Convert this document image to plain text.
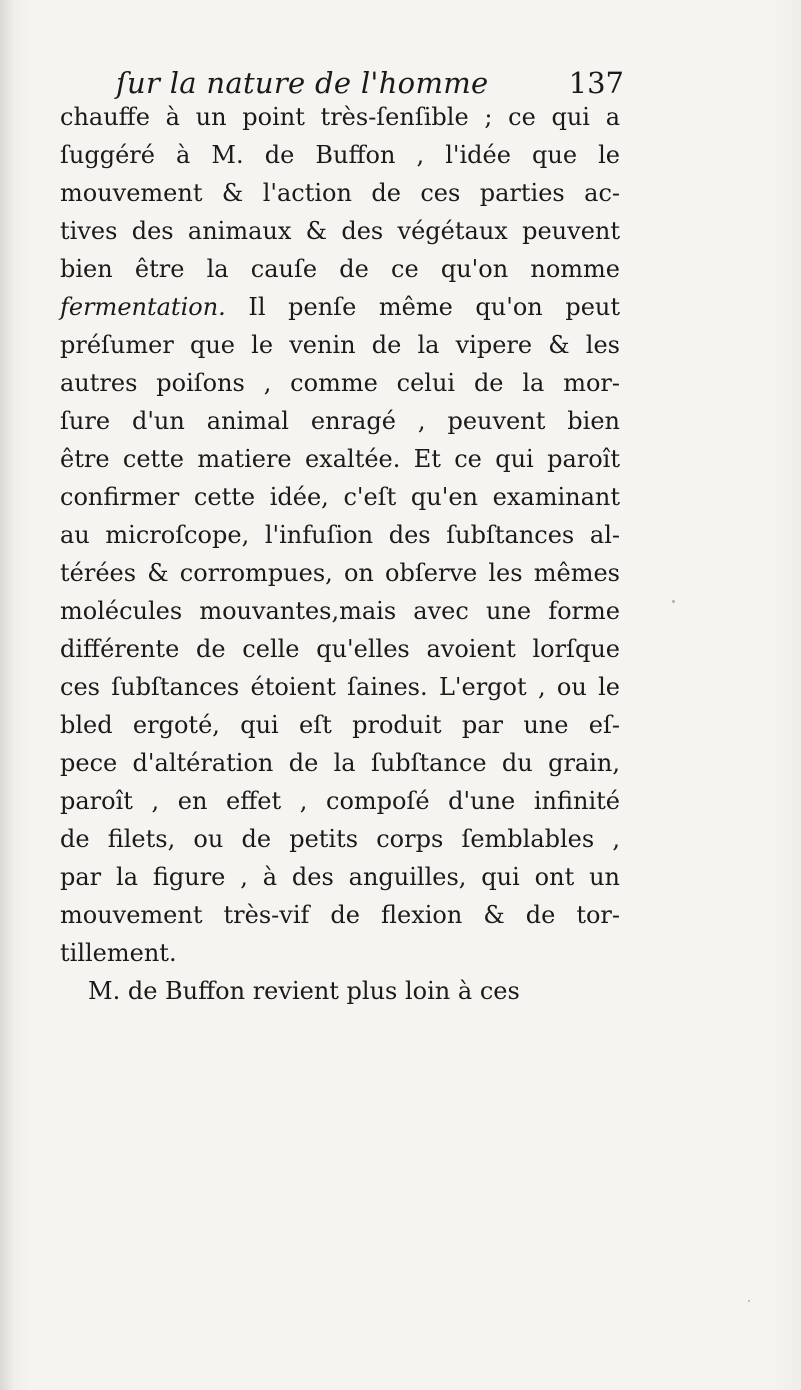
ſur la nature de l'homme	137
chauffe à un point très-ſenſible ; ce qui a
ſuggéré à M. de Buffon , l'idée que le
mouvement & l'action de ces parties ac-
tives des animaux & des végétaux peuvent
bien être la cauſe de ce qu'on nomme
fermentation. Il penſe même qu'on peut
préſumer que le venin de la vipere & les
autres poiſons , comme celui de la mor-
ſure d'un animal enragé , peuvent bien
être cette matiere exaltée. Et ce qui paroît
confirmer cette idée, c'eſt qu'en examinant
au microſcope, l'infuſion des ſubſtances al-
térées & corrompues, on obſerve les mêmes
molécules mouvantes,mais avec une forme
différente de celle qu'elles avoient lorſque
ces ſubſtances étoient ſaines. L'ergot , ou le
bled ergoté, qui eſt produit par une eſ-
pece d'altération de la ſubſtance du grain,
paroît , en effet , compoſé d'une infinité
de filets, ou de petits corps ſemblables ,
par la figure , à des anguilles, qui ont un
mouvement très-vif de flexion & de tor-
tillement.
M. de Buffon revient plus loin à ces
